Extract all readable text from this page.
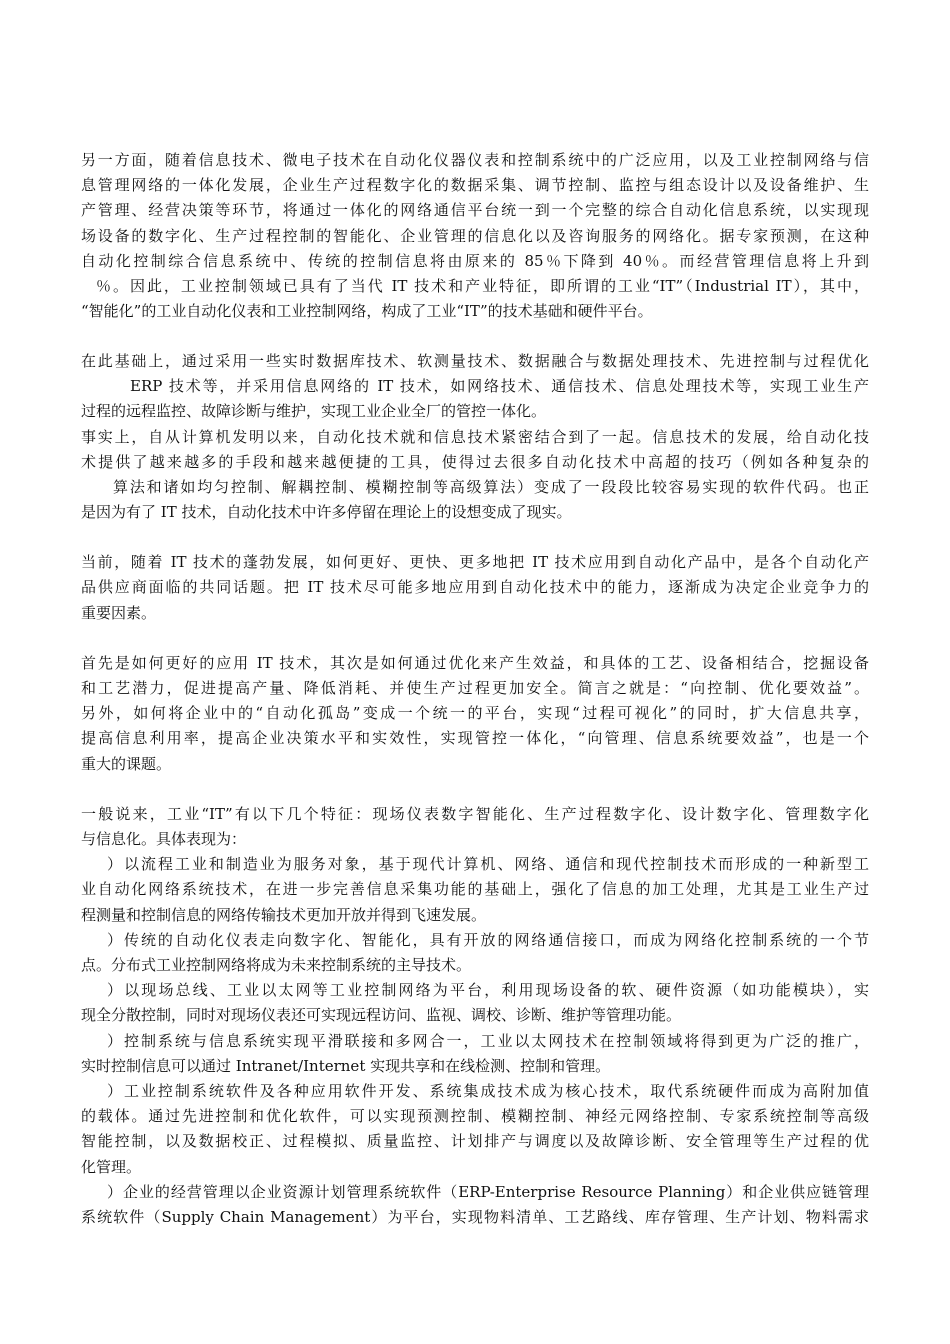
另一方面，随着信息技术、微电子技术在自动化仪器仪表和控制系统中的广泛应用，以及工业控制网络与信
息管理网络的一体化发展，企业生产过程数字化的数据采集、调节控制、监控与组态设计以及设备维护、生
产管理、经营决策等环节，将通过一体化的网络通信平台统一到一个完整的综合自动化信息系统，以实现现
场设备的数字化、生产过程控制的智能化、企业管理的信息化以及咨询服务的网络化。据专家预测，在这种
自动化控制综合信息系统中、传统的控制信息将由原来的 85％下降到 40％。而经营管理信息将上升到
％。因此，工业控制领域已具有了当代 IT 技术和产业特征，即所谓的工业“IT”（Industrial IT），其中，
“智能化”的工业自动化仪表和工业控制网络，构成了工业“IT”的技术基础和硬件平台。
在此基础上，通过采用一些实时数据库技术、软测量技术、数据融合与数据处理技术、先进控制与过程优化
ERP 技术等，并采用信息网络的 IT 技术，如网络技术、通信技术、信息处理技术等，实现工业生产
过程的远程监控、故障诊断与维护，实现工业企业全厂的管控一体化。
事实上，自从计算机发明以来，自动化技术就和信息技术紧密结合到了一起。信息技术的发展，给自动化技
术提供了越来越多的手段和越来越便捷的工具，使得过去很多自动化技术中高超的技巧（例如各种复杂的
算法和诸如均匀控制、解耦控制、模糊控制等高级算法）变成了一段段比较容易实现的软件代码。也正
是因为有了 IT 技术，自动化技术中许多停留在理论上的设想变成了现实。
当前，随着 IT 技术的蓬勃发展，如何更好、更快、更多地把 IT 技术应用到自动化产品中，是各个自动化产
品供应商面临的共同话题。把 IT 技术尽可能多地应用到自动化技术中的能力，逐渐成为决定企业竞争力的
重要因素。
首先是如何更好的应用 IT 技术，其次是如何通过优化来产生效益，和具体的工艺、设备相结合，挖掘设备
和工艺潜力，促进提高产量、降低消耗、并使生产过程更加安全。简言之就是：“向控制、优化要效益”。
另外，如何将企业中的“自动化孤岛”变成一个统一的平台，实现“过程可视化”的同时，扩大信息共享，
提高信息利用率，提高企业决策水平和实效性，实现管控一体化，“向管理、信息系统要效益”，也是一个
重大的课题。
一般说来，工业“IT”有以下几个特征：现场仪表数字智能化、生产过程数字化、设计数字化、管理数字化
与信息化。具体表现为：
）以流程工业和制造业为服务对象，基于现代计算机、网络、通信和现代控制技术而形成的一种新型工
业自动化网络系统技术，在进一步完善信息采集功能的基础上，强化了信息的加工处理，尤其是工业生产过
程测量和控制信息的网络传输技术更加开放并得到飞速发展。
）传统的自动化仪表走向数字化、智能化，具有开放的网络通信接口，而成为网络化控制系统的一个节
点。分布式工业控制网络将成为未来控制系统的主导技术。
）以现场总线、工业以太网等工业控制网络为平台，利用现场设备的软、硬件资源（如功能模块），实
现全分散控制，同时对现场仪表还可实现远程访问、监视、调校、诊断、维护等管理功能。
）控制系统与信息系统实现平滑联接和多网合一，工业以太网技术在控制领域将得到更为广泛的推广，
实时控制信息可以通过 Intranet/Internet 实现共享和在线检测、控制和管理。
）工业控制系统软件及各种应用软件开发、系统集成技术成为核心技术，取代系统硬件而成为高附加值
的载体。通过先进控制和优化软件，可以实现预测控制、模糊控制、神经元网络控制、专家系统控制等高级
智能控制，以及数据校正、过程模拟、质量监控、计划排产与调度以及故障诊断、安全管理等生产过程的优
化管理。
）企业的经营管理以企业资源计划管理系统软件（ERP-Enterprise Resource Planning）和企业供应链管理
系统软件（Supply Chain Management）为平台，实现物料清单、工艺路线、库存管理、生产计划、物料需求
